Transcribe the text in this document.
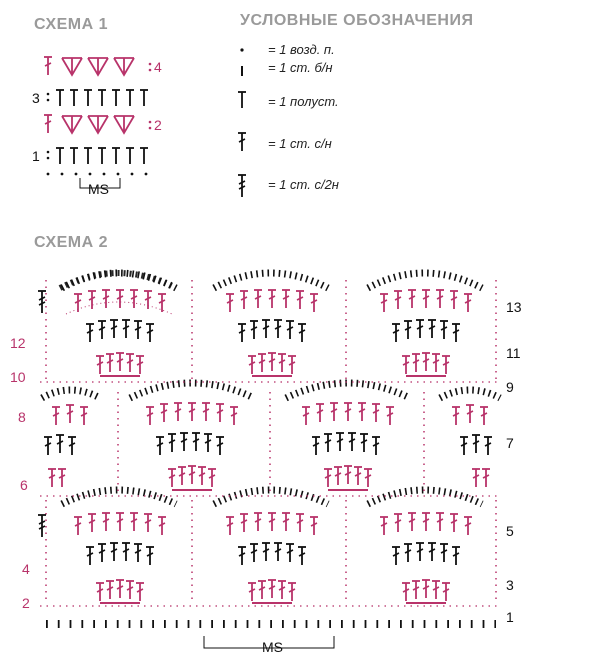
СХЕМА 1	УСЛОВНЫЕ ОБОЗНАЧЕНИЯ
СХЕМА 2
= 1 возд. п.
= 1 ст. б/н
= 1 полуст.
= 1 ст. с/н
= 1 ст. с/2н
MS
4
3
2
1
MS
12
10
8
6
4
2
13
11
9
7
5
3
1
